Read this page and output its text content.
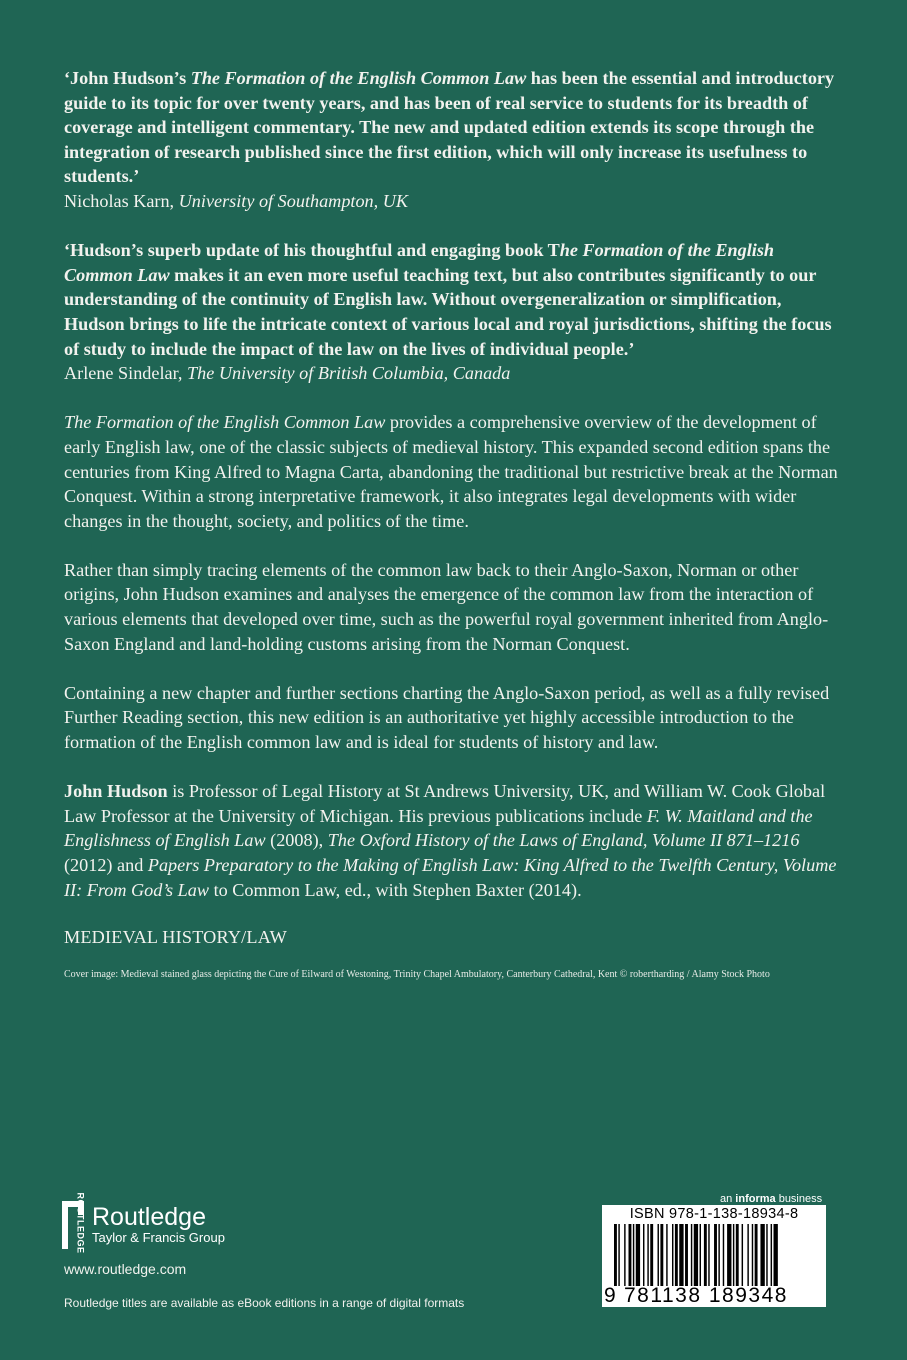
‘John Hudson’s The Formation of the English Common Law has been the essential and introductory guide to its topic for over twenty years, and has been of real service to students for its breadth of coverage and intelligent commentary. The new and updated edition extends its scope through the integration of research published since the first edition, which will only increase its usefulness to students.’
Nicholas Karn, University of Southampton, UK

‘Hudson’s superb update of his thoughtful and engaging book The Formation of the English Common Law makes it an even more useful teaching text, but also contributes significantly to our understanding of the continuity of English law. Without overgeneralization or simplification, Hudson brings to life the intricate context of various local and royal jurisdictions, shifting the focus of study to include the impact of the law on the lives of individual people.’
Arlene Sindelar, The University of British Columbia, Canada

The Formation of the English Common Law provides a comprehensive overview of the development of early English law, one of the classic subjects of medieval history. This expanded second edition spans the centuries from King Alfred to Magna Carta, abandoning the traditional but restrictive break at the Norman Conquest. Within a strong interpretative framework, it also integrates legal developments with wider changes in the thought, society, and politics of the time.

Rather than simply tracing elements of the common law back to their Anglo-Saxon, Norman or other origins, John Hudson examines and analyses the emergence of the common law from the interaction of various elements that developed over time, such as the powerful royal government inherited from Anglo-Saxon England and land-holding customs arising from the Norman Conquest.

Containing a new chapter and further sections charting the Anglo-Saxon period, as well as a fully revised Further Reading section, this new edition is an authoritative yet highly accessible introduction to the formation of the English common law and is ideal for students of history and law.

John Hudson is Professor of Legal History at St Andrews University, UK, and William W. Cook Global Law Professor at the University of Michigan. His previous publications include F. W. Maitland and the Englishness of English Law (2008), The Oxford History of the Laws of England, Volume II 871–1216 (2012) and Papers Preparatory to the Making of English Law: King Alfred to the Twelfth Century, Volume II: From God’s Law to Common Law, ed., with Stephen Baxter (2014).

MEDIEVAL HISTORY/LAW

Cover image: Medieval stained glass depicting the Cure of Eilward of Westoning, Trinity Chapel Ambulatory, Canterbury Cathedral, Kent © robertharding / Alamy Stock Photo

ROUTLEDGE Routledge
Taylor & Francis Group
www.routledge.com
Routledge titles are available as eBook editions in a range of digital formats
an informa business
ISBN 978-1-138-18934-8
9 781138 189348
